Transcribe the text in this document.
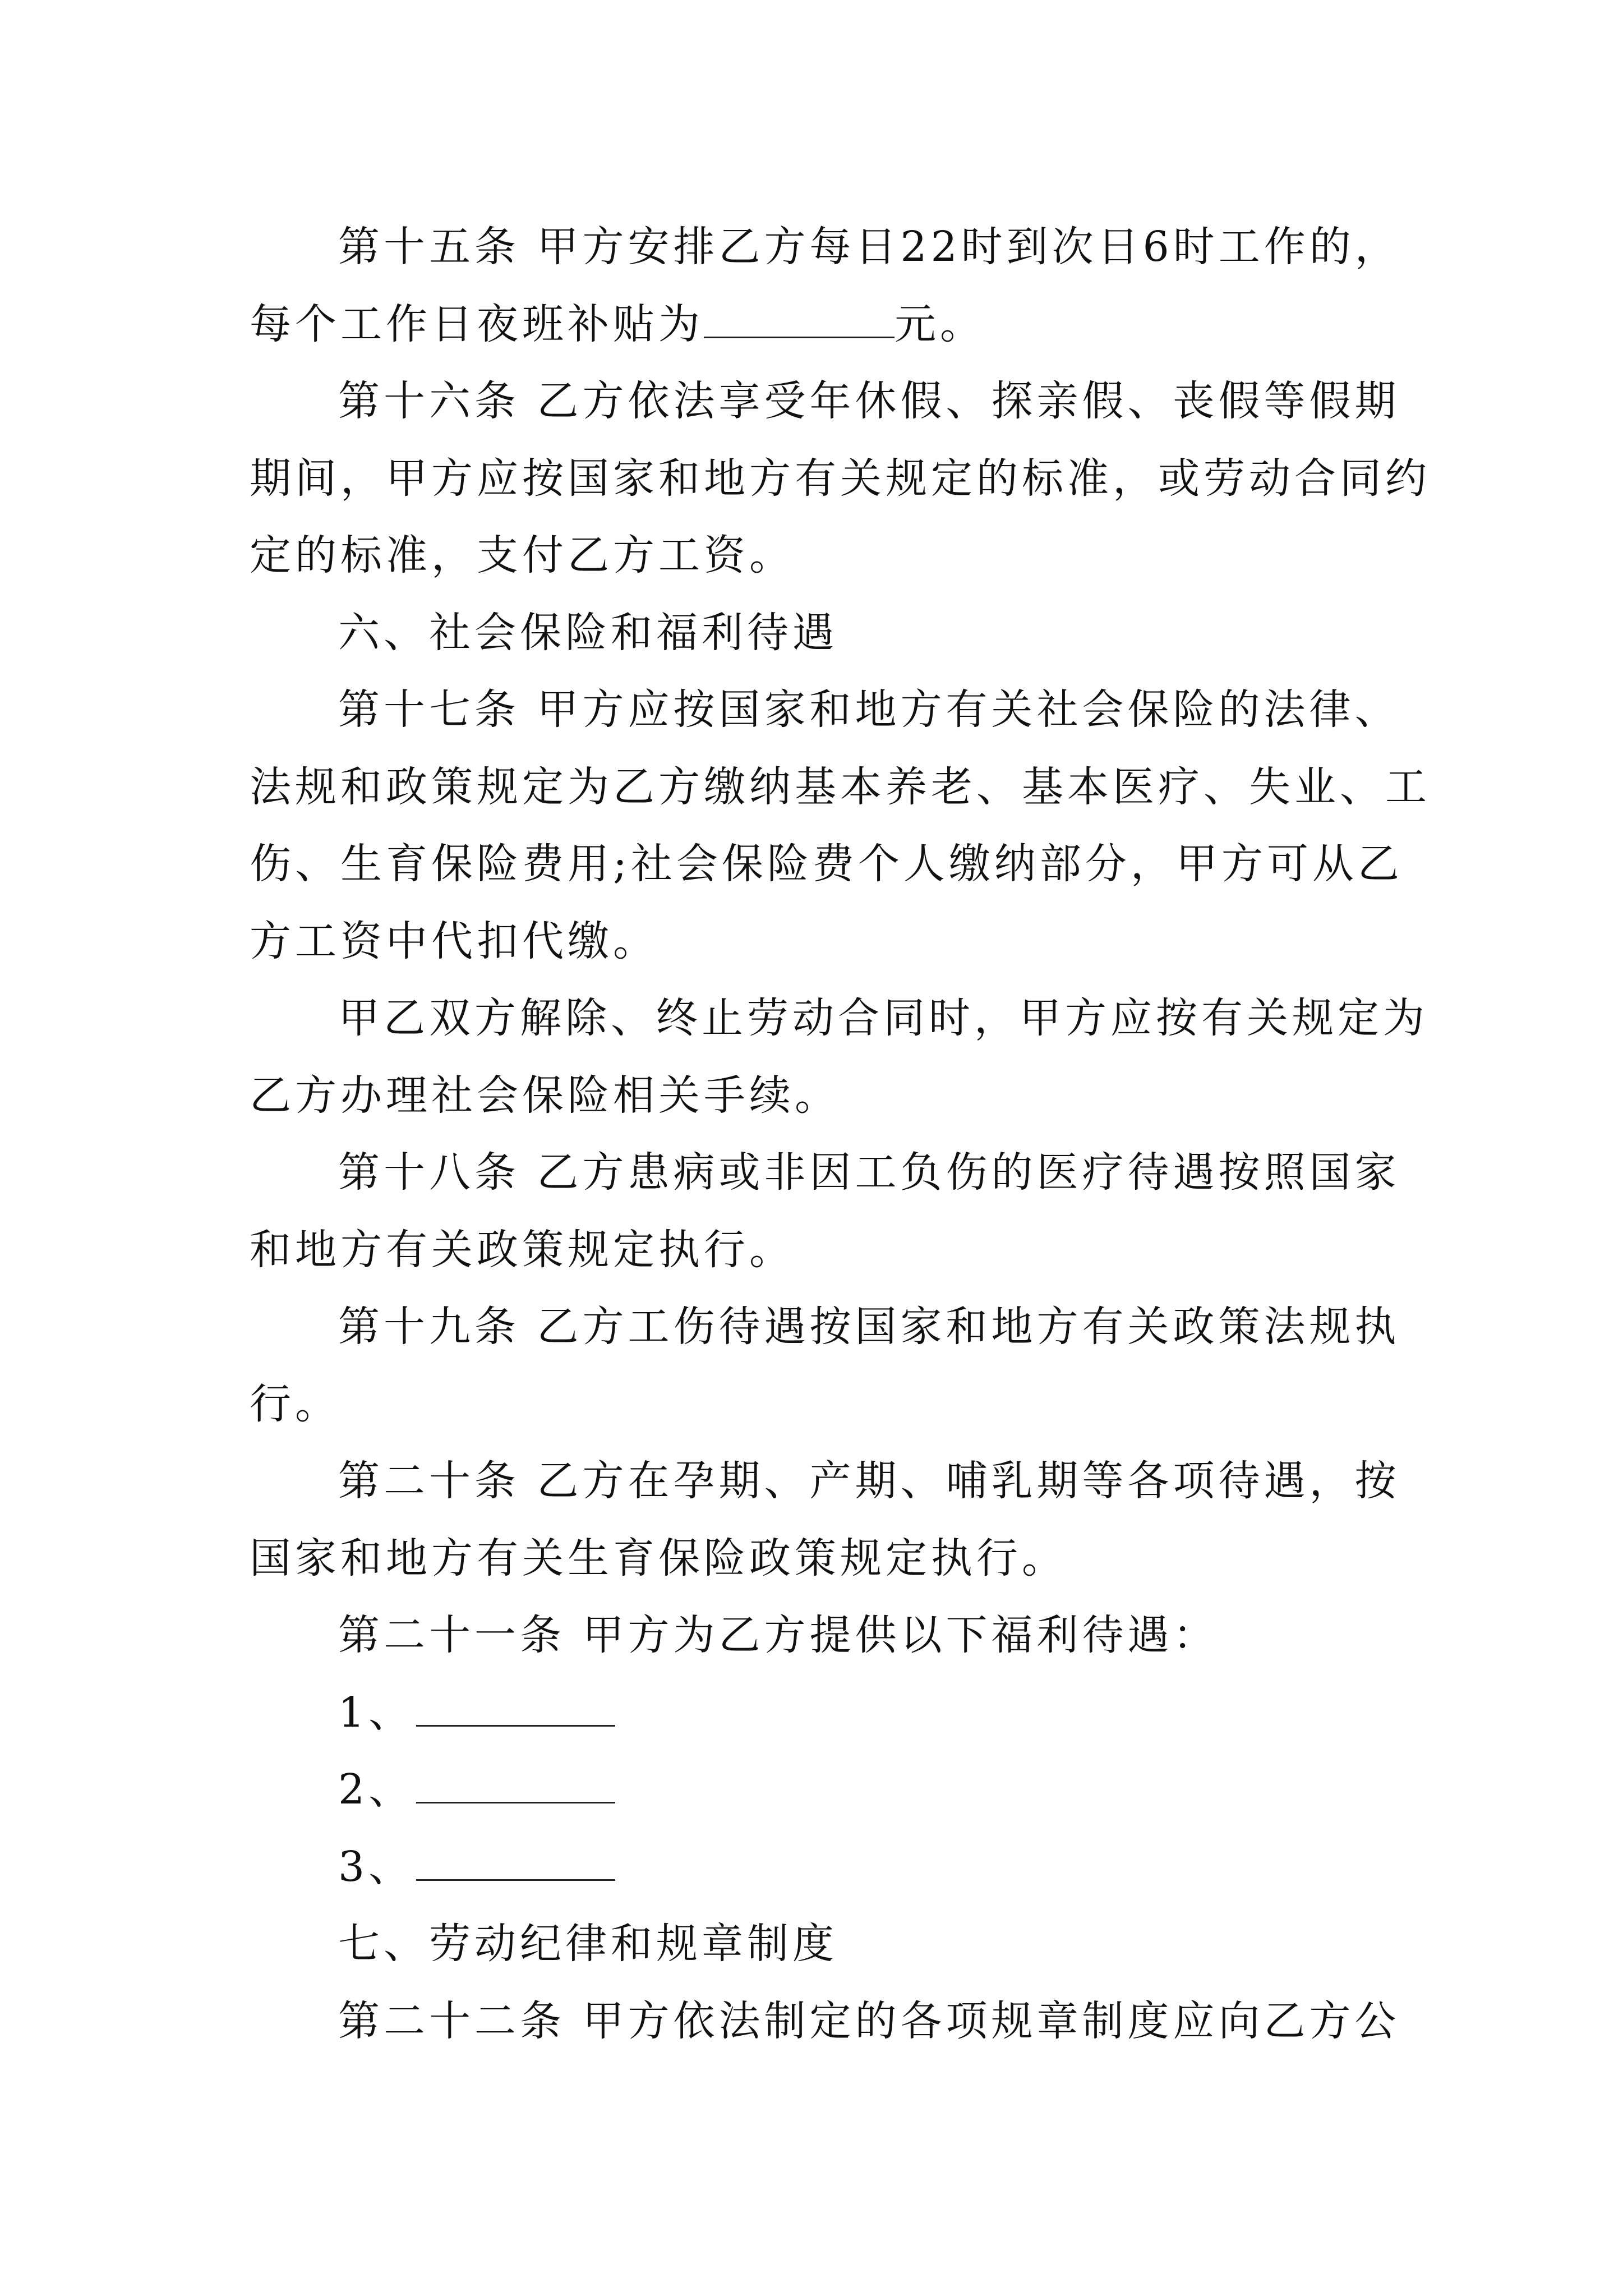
第十五条 甲方安排乙方每日22时到次日6时工作的，
每个工作日夜班补贴为	元。

第十六条 乙方依法享受年休假、探亲假、丧假等假期
期间，甲方应按国家和地方有关规定的标准，或劳动合同约
定的标准，支付乙方工资。

六、社会保险和福利待遇

第十七条 甲方应按国家和地方有关社会保险的法律、
法规和政策规定为乙方缴纳基本养老、基本医疗、失业、工
伤、生育保险费用;社会保险费个人缴纳部分，甲方可从乙
方工资中代扣代缴。

甲乙双方解除、终止劳动合同时，甲方应按有关规定为
乙方办理社会保险相关手续。

第十八条 乙方患病或非因工负伤的医疗待遇按照国家
和地方有关政策规定执行。

第十九条 乙方工伤待遇按国家和地方有关政策法规执
行。

第二十条 乙方在孕期、产期、哺乳期等各项待遇，按
国家和地方有关生育保险政策规定执行。

第二十一条 甲方为乙方提供以下福利待遇：
1、
2、
3、

七、劳动纪律和规章制度

第二十二条 甲方依法制定的各项规章制度应向乙方公
